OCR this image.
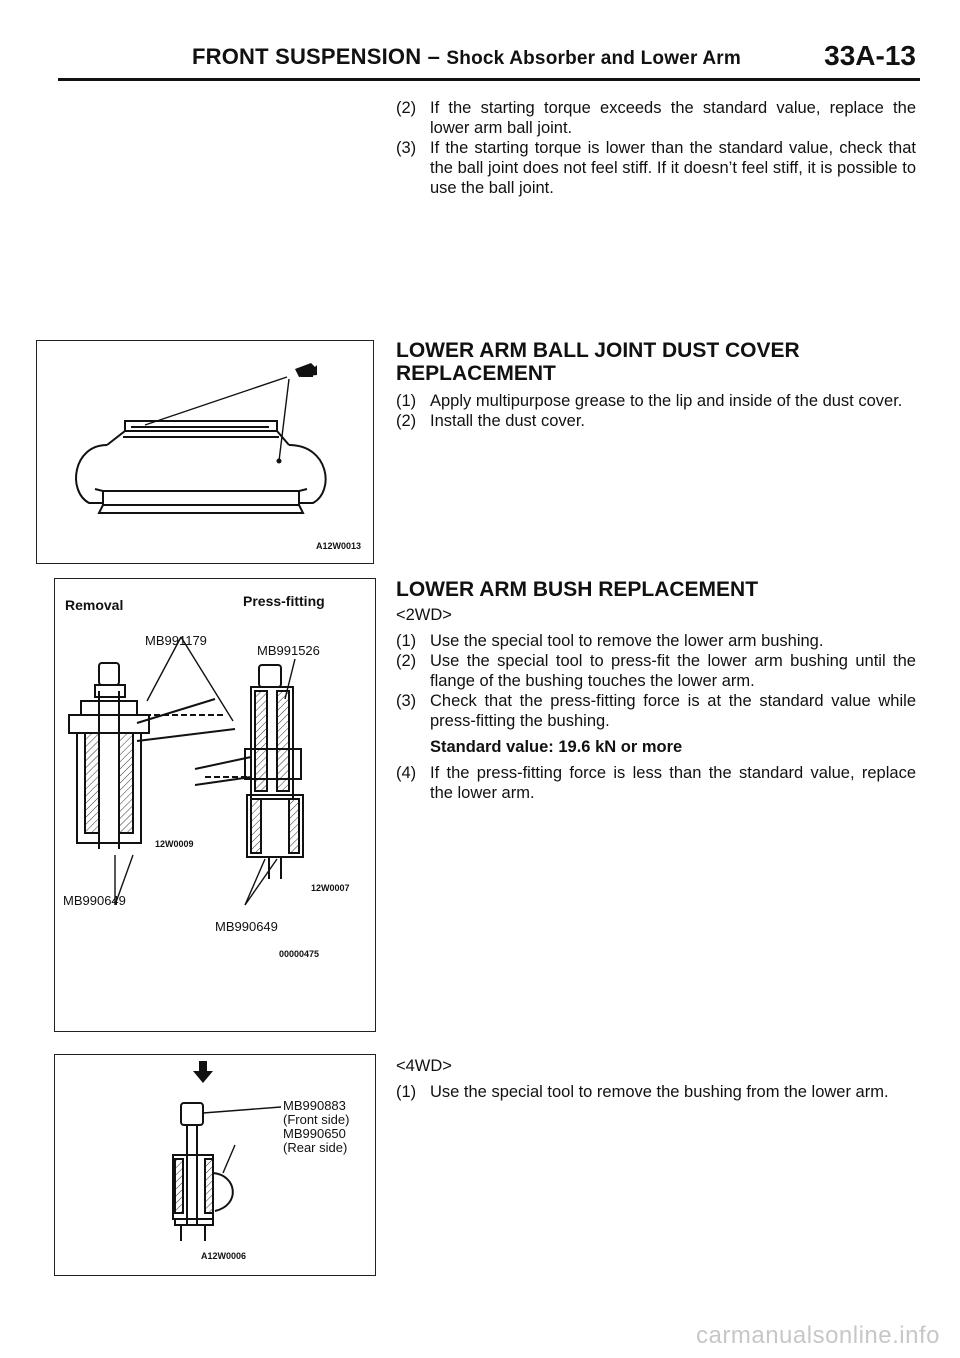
FRONT SUSPENSION – Shock Absorber and Lower Arm	33A-13
(2) If the starting torque exceeds the standard value, replace the lower arm ball joint.
(3) If the starting torque is lower than the standard value, check that the ball joint does not feel stiff. If it doesn’t feel stiff, it is possible to use the ball joint.
LOWER ARM BALL JOINT DUST COVER
REPLACEMENT
(1) Apply multipurpose grease to the lip and inside of the dust cover.
(2) Install the dust cover.
LOWER ARM BUSH REPLACEMENT
<2WD>
(1) Use the special tool to remove the lower arm bushing.
(2) Use the special tool to press-fit the lower arm bushing until the flange of the bushing touches the lower arm.
(3) Check that the press-fitting force is at the standard value while press-fitting the bushing.
Standard value: 19.6 kN or more
(4) If the press-fitting force is less than the standard value, replace the lower arm.
<4WD>
(1) Use the special tool to remove the bushing from the lower arm.
A12W0013
Removal	Press-fitting
MB991179
MB991526
12W0009
12W0007
MB990649
MB990649
00000475
MB990883
(Front side)
MB990650
(Rear side)
A12W0006
carmanualsonline.info
